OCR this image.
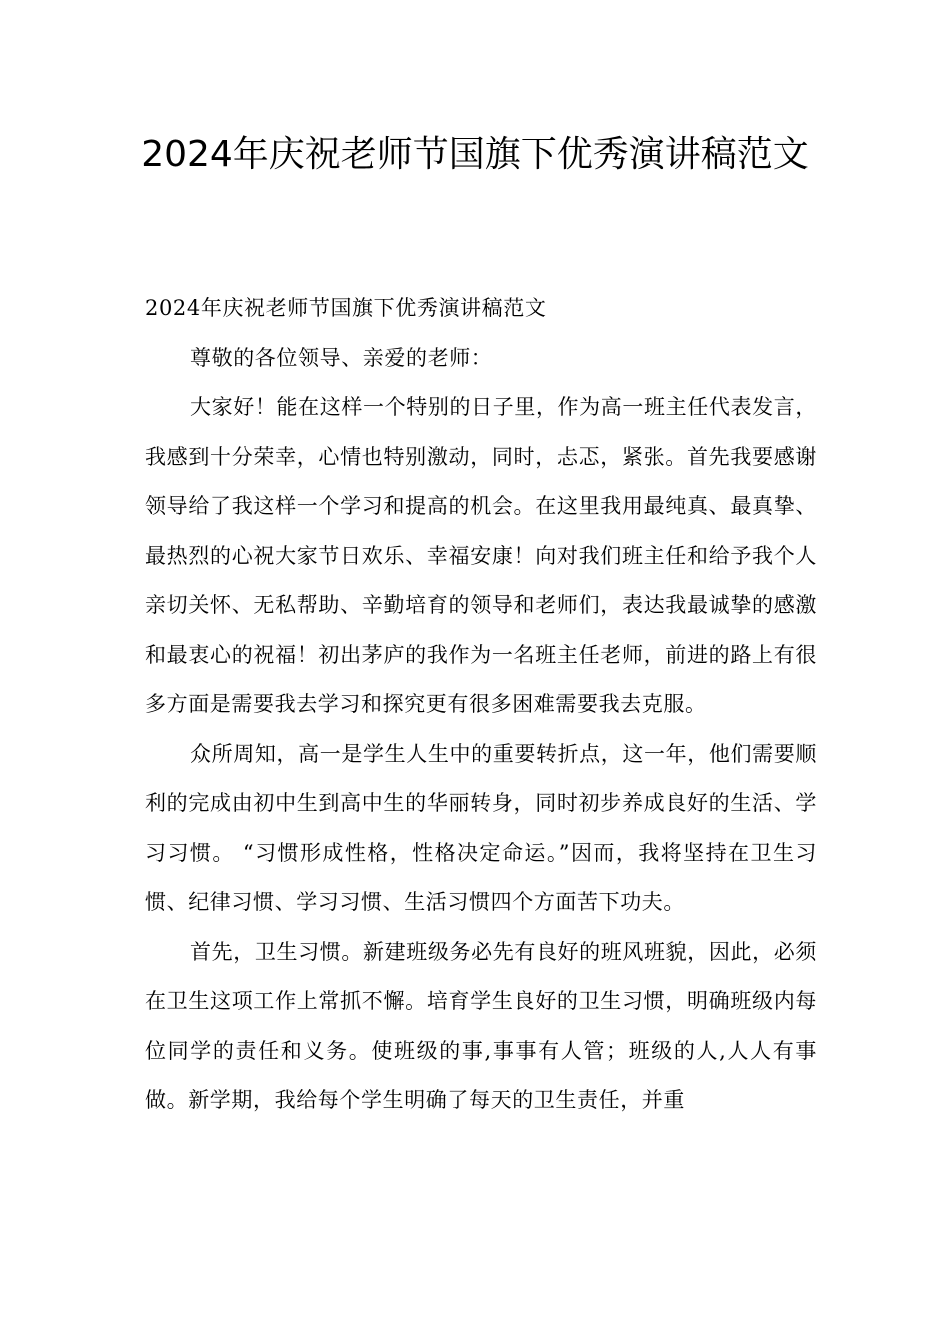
2024年庆祝老师节国旗下优秀演讲稿范文

2024年庆祝老师节国旗下优秀演讲稿范文

尊敬的各位领导、亲爱的老师：

大家好！能在这样一个特别的日子里，作为高一班主任代表发言，我感到十分荣幸，心情也特别激动，同时，忐忑，紧张。首先我要感谢领导给了我这样一个学习和提高的机会。在这里我用最纯真、最真挚、最热烈的心祝大家节日欢乐、幸福安康！向对我们班主任和给予我个人亲切关怀、无私帮助、辛勤培育的领导和老师们，表达我最诚挚的感激和最衷心的祝福！初出茅庐的我作为一名班主任老师，前进的路上有很多方面是需要我去学习和探究更有很多困难需要我去克服。

众所周知，高一是学生人生中的重要转折点，这一年，他们需要顺利的完成由初中生到高中生的华丽转身，同时初步养成良好的生活、学习习惯。 “习惯形成性格，性格决定命运。”因而，我将坚持在卫生习惯、纪律习惯、学习习惯、生活习惯四个方面苦下功夫。

首先，卫生习惯。新建班级务必先有良好的班风班貌，因此，必须在卫生这项工作上常抓不懈。培育学生良好的卫生习惯，明确班级内每位同学的责任和义务。使班级的事,事事有人管；班级的人,人人有事做。新学期，我给每个学生明确了每天的卫生责任，并重
